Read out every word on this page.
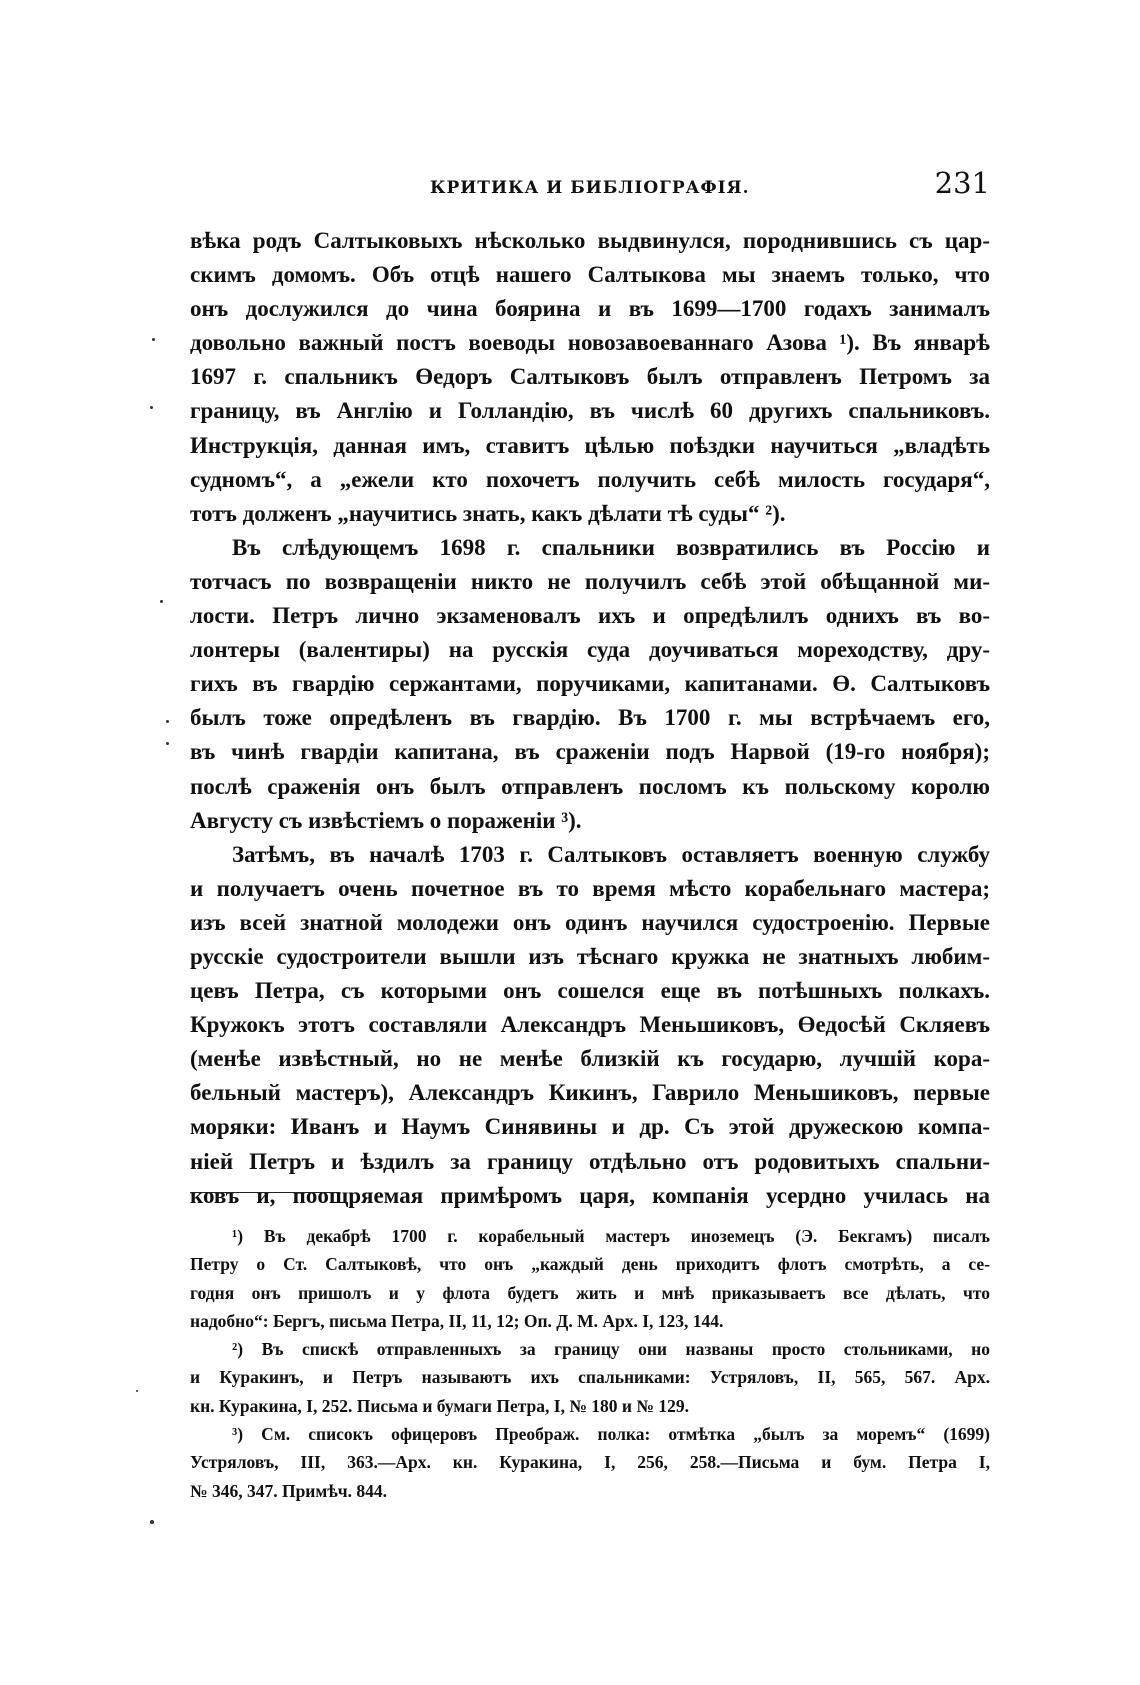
КРИТИКА И БИБЛIОГРАФIЯ.	231
вѣка родъ Салтыковыхъ нѣсколько выдвинулся, породнившись съ цар-
скимъ домомъ. Объ отцѣ нашего Салтыкова мы знаемъ только, что
онъ дослужился до чина боярина и въ 1699—1700 годахъ занималъ
довольно важный постъ воеводы новозавоеваннаго Азова ¹). Въ январѣ
1697 г. спальникъ Өедоръ Салтыковъ былъ отправленъ Петромъ за
границу, въ Англiю и Голландiю, въ числѣ 60 другихъ спальниковъ.
Инструкцiя, данная имъ, ставитъ цѣлью поѣздки научиться „владѣть
судномъ“, а „ежели кто похочетъ получить себѣ милость государя“,
тотъ долженъ „научитись знать, какъ дѣлати тѣ суды“ ²).
Въ слѣдующемъ 1698 г. спальники возвратились въ Россiю и
тотчасъ по возвращенiи никто не получилъ себѣ этой обѣщанной ми-
лости. Петръ лично экзаменовалъ ихъ и опредѣлилъ однихъ въ во-
лонтеры (валентиры) на русскiя суда доучиваться мореходству, дру-
гихъ въ гвардiю сержантами, поручиками, капитанами. Ө. Салтыковъ
былъ тоже опредѣленъ въ гвардiю. Въ 1700 г. мы встрѣчаемъ его,
въ чинѣ гвардiи капитана, въ сраженiи подъ Нарвой (19-го ноября);
послѣ сраженiя онъ былъ отправленъ посломъ къ польскому королю
Августу съ извѣстiемъ о пораженiи ³).
Затѣмъ, въ началѣ 1703 г. Салтыковъ оставляетъ военную службу
и получаетъ очень почетное въ то время мѣсто корабельнаго мастера;
изъ всей знатной молодежи онъ одинъ научился судостроенiю. Первые
русскiе судостроители вышли изъ тѣснаго кружка не знатныхъ любим-
цевъ Петра, съ которыми онъ сошелся еще въ потѣшныхъ полкахъ.
Кружокъ этотъ составляли Александръ Меньшиковъ, Өедосѣй Скляевъ
(менѣе извѣстный, но не менѣе близкiй къ государю, лучшiй кора-
бельный мастеръ), Александръ Кикинъ, Гаврило Меньшиковъ, первые
моряки: Иванъ и Наумъ Синявины и др. Съ этой дружескою компа-
нiей Петръ и ѣздилъ за границу отдѣльно отъ родовитыхъ спальни-
ковъ и, поощряемая примѣромъ царя, компанiя усердно училась на
¹) Въ декабрѣ 1700 г. корабельный мастеръ иноземецъ (Э. Бекгамъ) писалъ
Петру о Ст. Салтыковѣ, что онъ „каждый день приходитъ флотъ смотрѣть, а се-
годня онъ пришолъ и у флота будетъ жить и мнѣ приказываетъ все дѣлать, что
надобно“: Бергъ, письма Петра, II, 11, 12; Оп. Д. М. Арх. I, 123, 144.
²) Въ спискѣ отправленныхъ за границу они названы просто стольниками, но
и Куракинъ, и Петръ называютъ ихъ спальниками: Устряловъ, II, 565, 567. Арх.
кн. Куракина, I, 252. Письма и бумаги Петра, I, № 180 и № 129.
³) См. списокъ офицеровъ Преображ. полка: отмѣтка „былъ за моремъ“ (1699)
Устряловъ, III, 363.—Арх. кн. Куракина, I, 256, 258.—Письма и бум. Петра I,
№ 346, 347. Примѣч. 844.
